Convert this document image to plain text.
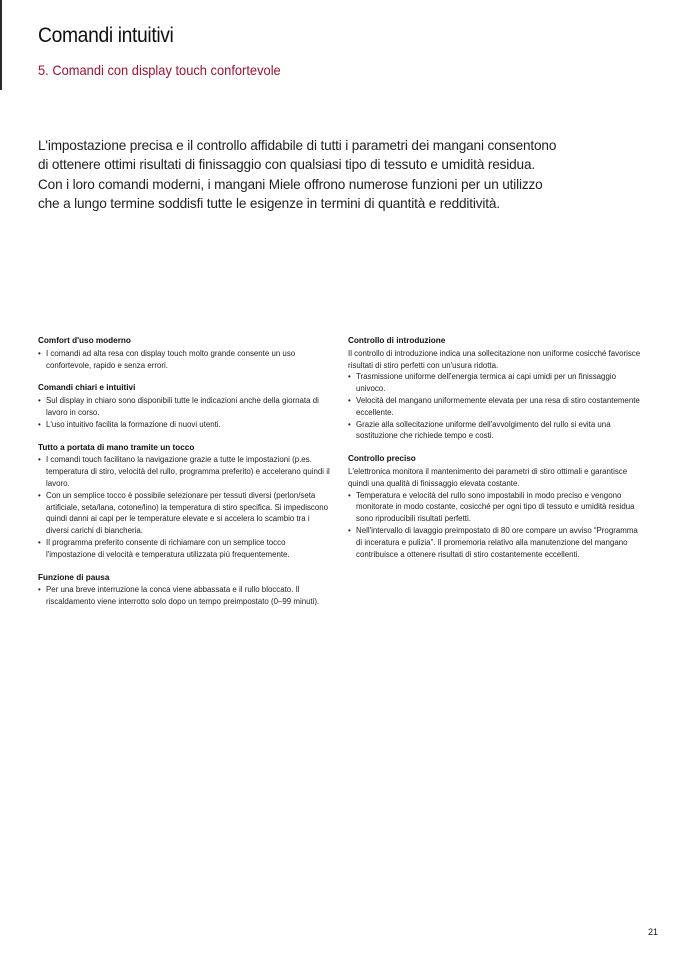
Comandi intuitivi
5. Comandi con display touch confortevole

L'impostazione precisa e il controllo affidabile di tutti i parametri dei mangani consentono di ottenere ottimi risultati di finissaggio con qualsiasi tipo di tessuto e umidità residua. Con i loro comandi moderni, i mangani Miele offrono numerose funzioni per un utilizzo che a lungo termine soddisfi tutte le esigenze in termini di quantità e redditività.

Comfort d'uso moderno
• I comandi ad alta resa con display touch molto grande consente un uso confortevole, rapido e senza errori.
Comandi chiari e intuitivi
• Sul display in chiaro sono disponibili tutte le indicazioni anche della giornata di lavoro in corso.
• L'uso intuitivo facilita la formazione di nuovi utenti.
Tutto a portata di mano tramite un tocco
• I comandi touch facilitano la navigazione grazie a tutte le impostazioni (p.es. temperatura di stiro, velocità del rullo, programma preferito) e accelerano quindi il lavoro.
• Con un semplice tocco è possibile selezionare per tessuti diversi (perlon/seta artificiale, seta/lana, cotone/lino) la temperatura di stiro specifica. Si impediscono quindi danni ai capi per le temperature elevate e si accelera lo scambio tra i diversi carichi di biancheria.
• Il programma preferito consente di richiamare con un semplice tocco l'impostazione di velocità e temperatura utilizzata più frequentemente.
Funzione di pausa
• Per una breve interruzione la conca viene abbassata e il rullo bloccato. Il riscaldamento viene interrotto solo dopo un tempo preimpostato (0–99 minuti).
Controllo di introduzione

Il controllo di introduzione indica una sollecitazione non uniforme cosicché favorisce risultati di stiro perfetti con un'usura ridotta.

• Trasmissione uniforme dell'energia termica ai capi umidi per un finissaggio univoco.
• Velocità del mangano uniformemente elevata per una resa di stiro costantemente eccellente.
• Grazie alla sollecitazione uniforme dell'avvolgimento del rullo si evita una sostituzione che richiede tempo e costi.
Controllo preciso

L'elettronica monitora il mantenimento dei parametri di stiro ottimali e garantisce quindi una qualità di finissaggio elevata costante.

• Temperatura e velocità del rullo sono impostabili in modo preciso e vengono monitorate in modo costante, cosicché per ogni tipo di tessuto e umidità residua sono riproducibili risultati perfetti.
• Nell'intervallo di lavaggio preimpostato di 80 ore compare un avviso “Programma di inceratura e pulizia”. Il promemoria relativo alla manutenzione del mangano contribuisce a ottenere risultati di stiro costantemente eccellenti.
21
